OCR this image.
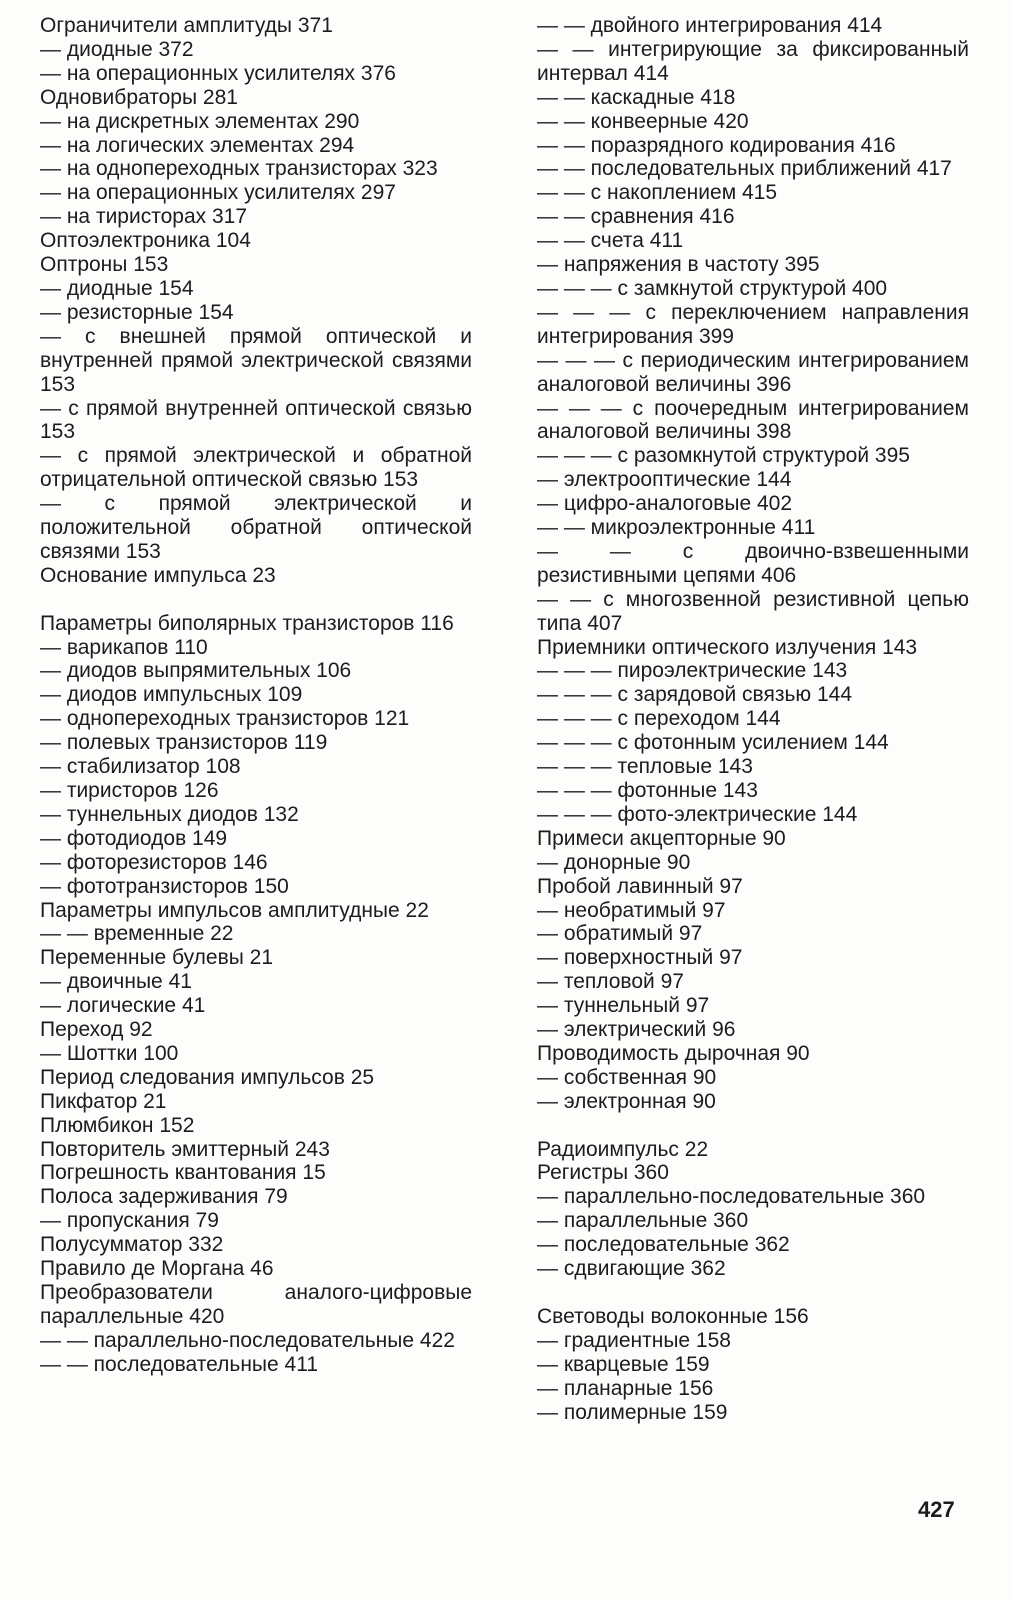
Ограничители амплитуды 371
— диодные 372
— на операционных усилителях 376
Одновибраторы 281
— на дискретных элементах 290
— на логических элементах 294
— на однопереходных транзисторах 323
— на операционных усилителях 297
— на тиристорах 317
Оптоэлектроника 104
Оптроны 153
— диодные 154
— резисторные 154
— с внешней прямой оптической и внутренней прямой электрической связями 153
— с прямой внутренней оптической связью 153
— с прямой электрической и обратной отрицательной оптической связью 153
— с прямой электрической и положительной обратной оптической связями 153
Основание импульса 23
Параметры биполярных транзисторов 116
— варикапов 110
— диодов выпрямительных 106
— диодов импульсных 109
— однопереходных транзисторов 121
— полевых транзисторов 119
— стабилизатор 108
— тиристоров 126
— туннельных диодов 132
— фотодиодов 149
— фоторезисторов 146
— фототранзисторов 150
Параметры импульсов амплитудные 22
— — временные 22
Переменные булевы 21
— двоичные 41
— логические 41
Переход 92
— Шоттки 100
Период следования импульсов 25
Пикфатор 21
Плюмбикон 152
Повторитель эмиттерный 243
Погрешность квантования 15
Полоса задерживания 79
— пропускания 79
Полусумматор 332
Правило де Моргана 46
Преобразователи аналого-цифровые параллельные 420
— — параллельно-последовательные 422
— — последовательные 411
— — двойного интегрирования 414
— — интегрирующие за фиксированный интервал 414
— — каскадные 418
— — конвеерные 420
— — поразрядного кодирования 416
— — последовательных приближений 417
— — с накоплением 415
— — сравнения 416
— — счета 411
— напряжения в частоту 395
— — — с замкнутой структурой 400
— — — с переключением направления интегрирования 399
— — — с периодическим интегрированием аналоговой величины 396
— — — с поочередным интегрированием аналоговой величины 398
— — — с разомкнутой структурой 395
— электрооптические 144
— цифро-аналоговые 402
— — микроэлектронные 411
— — с двоично-взвешенными резистивными цепями 406
— — с многозвенной резистивной цепью типа 407
Приемники оптического излучения 143
— — — пироэлектрические 143
— — — с зарядовой связью 144
— — — с переходом 144
— — — с фотонным усилением 144
— — — тепловые 143
— — — фотонные 143
— — — фото-электрические 144
Примеси акцепторные 90
— донорные 90
Пробой лавинный 97
— необратимый 97
— обратимый 97
— поверхностный 97
— тепловой 97
— туннельный 97
— электрический 96
Проводимость дырочная 90
— собственная 90
— электронная 90
Радиоимпульс 22
Регистры 360
— параллельно-последовательные 360
— параллельные 360
— последовательные 362
— сдвигающие 362
Световоды волоконные 156
— градиентные 158
— кварцевые 159
— планарные 156
— полимерные 159
427
